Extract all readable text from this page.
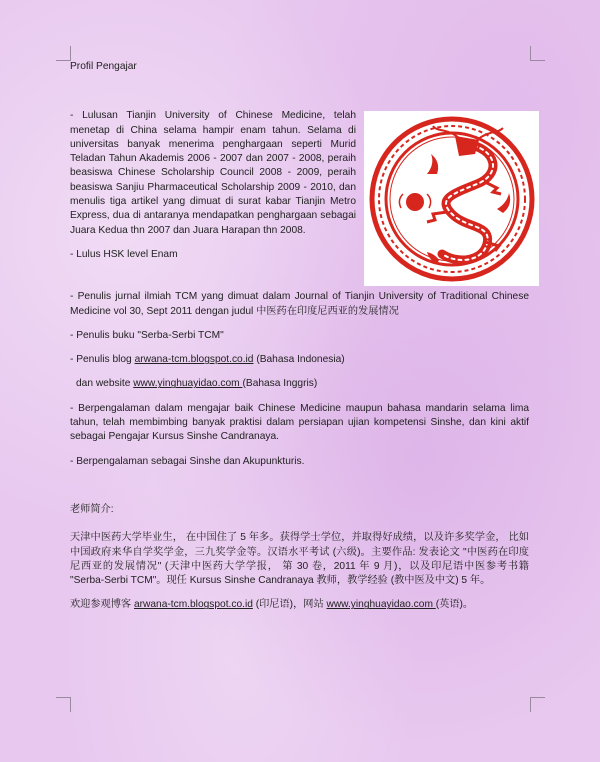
Profil Pengajar

- Lulusan Tianjin University of Chinese Medicine, telah menetap di China selama hampir enam tahun. Selama di universitas banyak menerima penghargaan seperti Murid Teladan Tahun Akademis 2006 - 2007 dan 2007 - 2008, peraih beasiswa Chinese Scholarship Council 2008 - 2009, peraih beasiswa Sanjiu Pharmaceutical Scholarship 2009 - 2010, dan menulis tiga artikel yang dimuat di surat kabar Tianjin Metro Express, dua di antaranya mendapatkan penghargaan sebagai Juara Kedua thn 2007 dan Juara Harapan thn 2008.

- Lulus HSK level Enam

- Penulis jurnal ilmiah TCM yang dimuat dalam Journal of Tianjin University of Traditional Chinese Medicine vol 30, Sept 2011 dengan judul 中医药在印度尼西亚的发展情况

- Penulis buku "Serba-Serbi TCM"

- Penulis blog arwana-tcm.blogspot.co.id (Bahasa Indonesia)

dan website www.yinghuayidao.com (Bahasa Inggris)

- Berpengalaman dalam mengajar baik Chinese Medicine maupun bahasa mandarin selama lima tahun, telah membimbing banyak praktisi dalam persiapan ujian kompetensi Sinshe, dan kini aktif sebagai Pengajar Kursus Sinshe Candranaya.

- Berpengalaman sebagai Sinshe dan Akupunkturis.

老师简介:

天津中医药大学毕业生， 在中国住了 5 年多。获得学士学位，并取得好成绩，以及许多奖学金， 比如中国政府来华自学奖学金，三九奖学金等。汉语水平考试 (六级)。主要作品: 发表论文 "中医药在印度尼西亚的发展情况" (天津中医药大学学报， 第 30 卷，2011 年 9 月)，以及印尼语中医参考书籍 "Serba-Serbi TCM"。现任 Kursus Sinshe Candranaya 教师，教学经验 (教中医及中文) 5 年。

欢迎参观博客 arwana-tcm.blogspot.co.id (印尼语)，网站 www.yinghuayidao.com (英语)。
